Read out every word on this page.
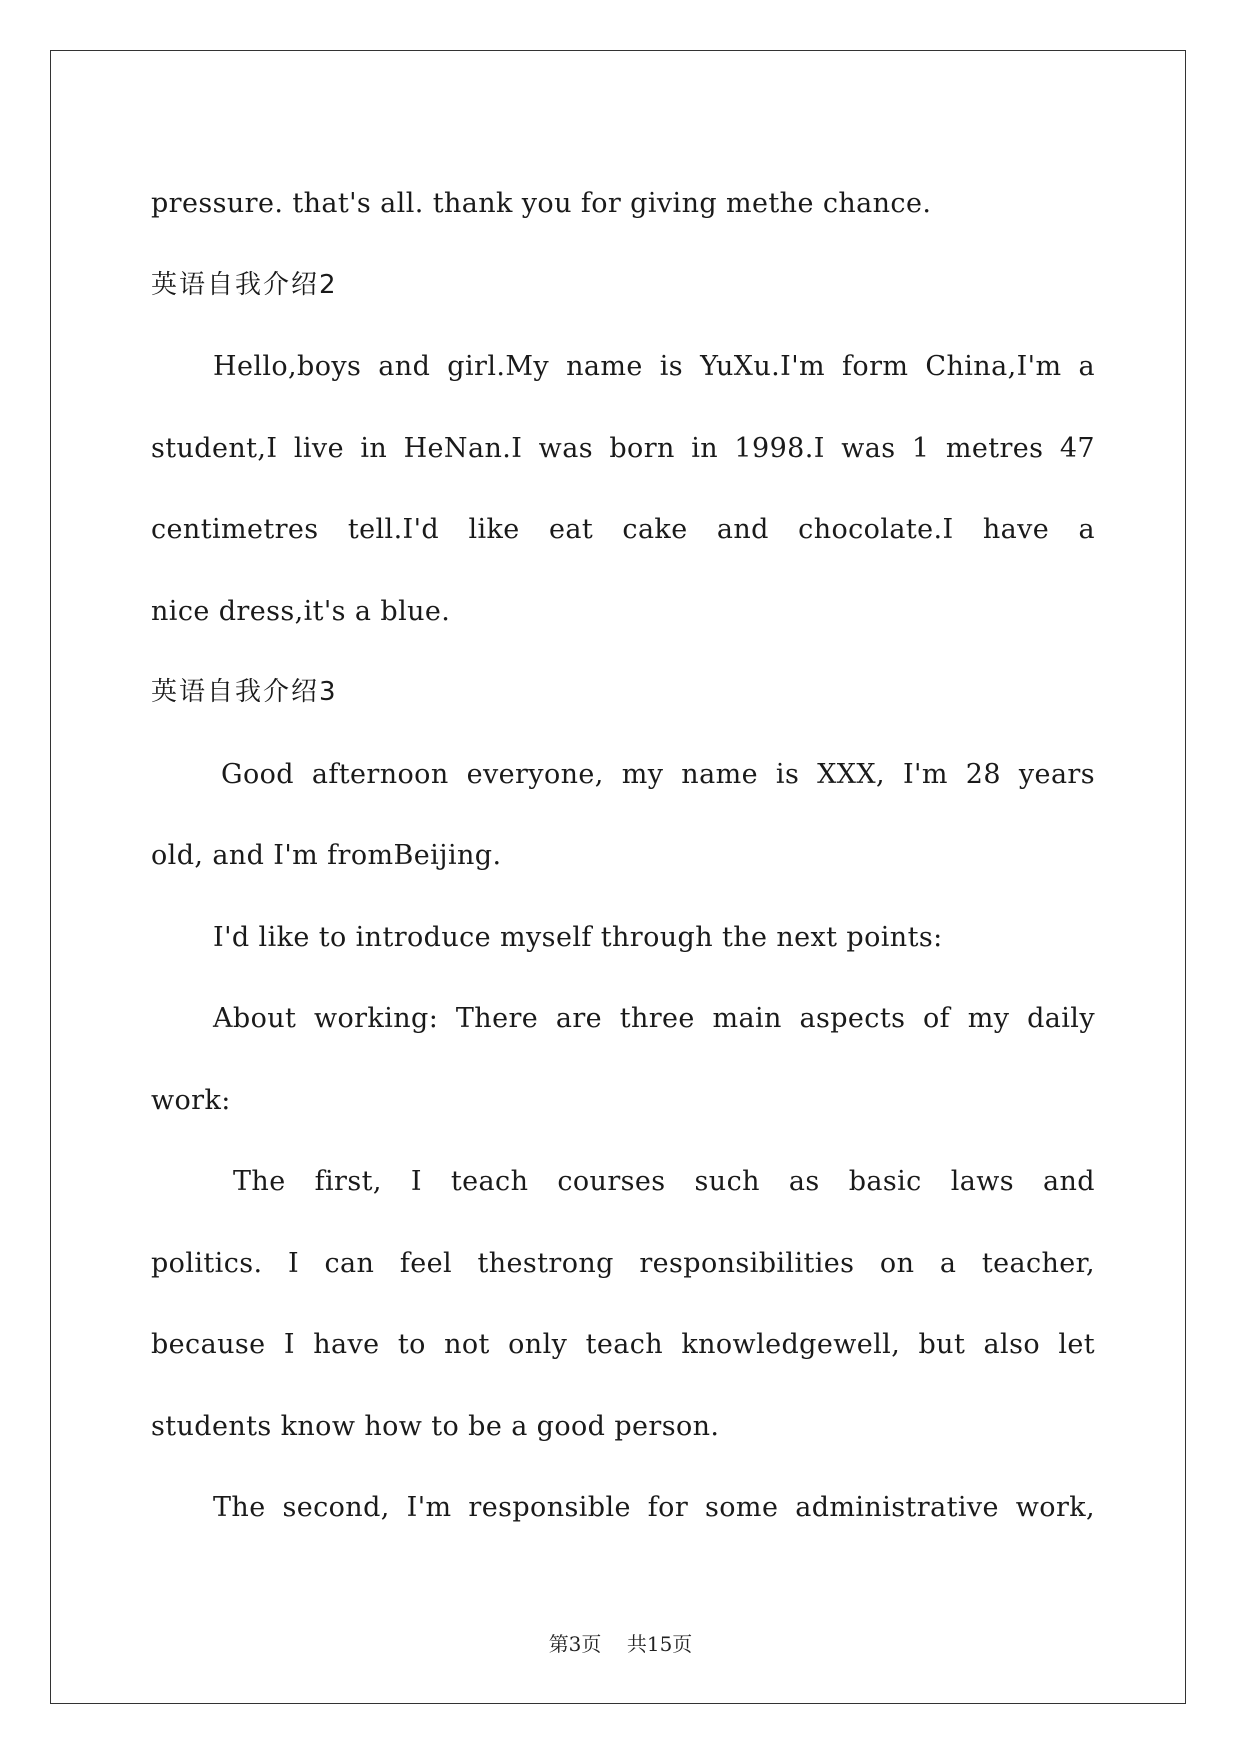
pressure. that's all. thank you for giving methe chance.
英语自我介绍2
Hello,boys and girl.My name is YuXu.I'm form China,I'm a
student,I live in HeNan.I was born in 1998.I was 1 metres 47
centimetres tell.I'd like eat cake and chocolate.I have a
nice dress,it's a blue.
英语自我介绍3
Good afternoon everyone, my name is XXX, I'm 28 years
old, and I'm fromBeijing.
I'd like to introduce myself through the next points:
About working: There are three main aspects of my daily
work:
The first, I teach courses such as basic laws and
politics. I can feel thestrong responsibilities on a teacher,
because I have to not only teach knowledgewell, but also let
students know how to be a good person.
The second, I'm responsible for some administrative work,
第3页 共15页
